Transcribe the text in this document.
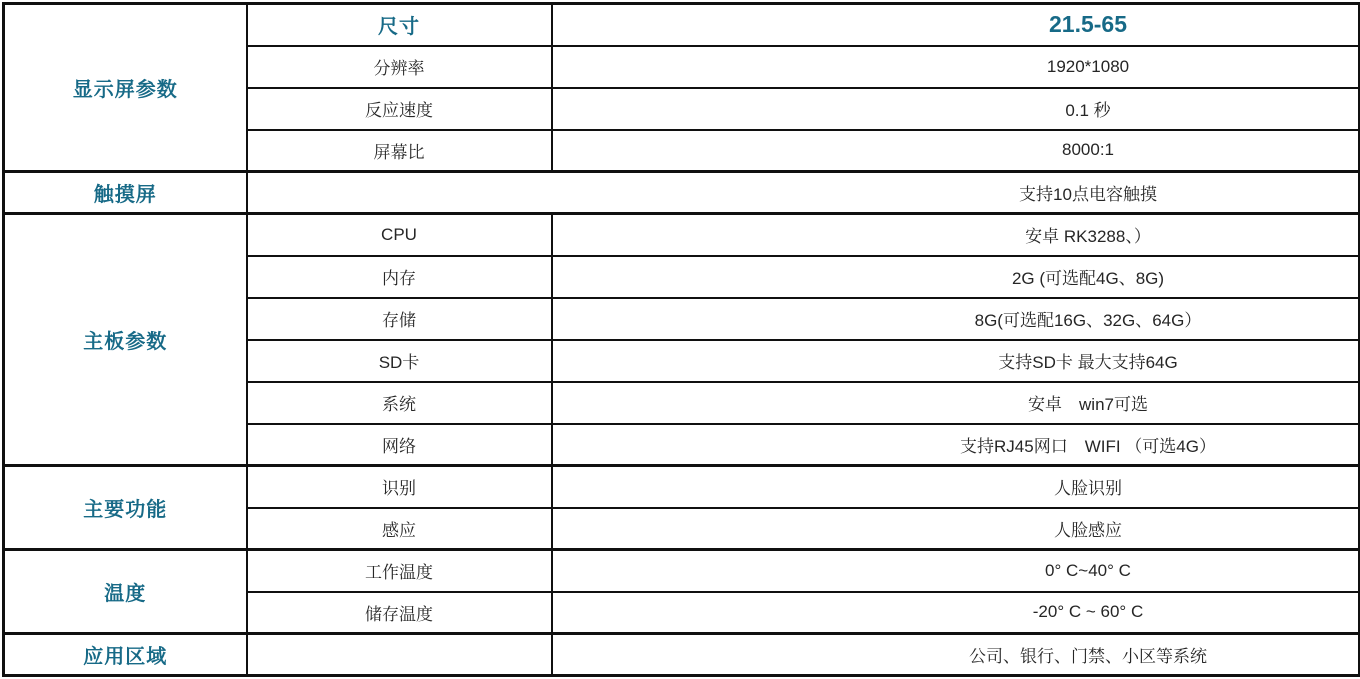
显示屏参数	尺寸	21.5-65

	分辨率	1920*1080

	反应速度	0.1 秒

	屏幕比	8000:1

触摸屏	支持10点电容触摸	

主板参数	CPU	安卓 RK3288、）

	内存	2G (可选配4G、8G)

	存储	8G(可选配16G、32G、64G）

	SD卡	支持SD卡 最大支持64G

	系统	安卓　win7可选

	网络	支持RJ45网口　WIFI （可选4G）

主要功能	识别	人脸识别

	感应	人脸感应

温度	工作温度	0° C~40° C

	储存温度	-20° C ~ 60° C

应用区域		公司、银行、门禁、小区等系统
